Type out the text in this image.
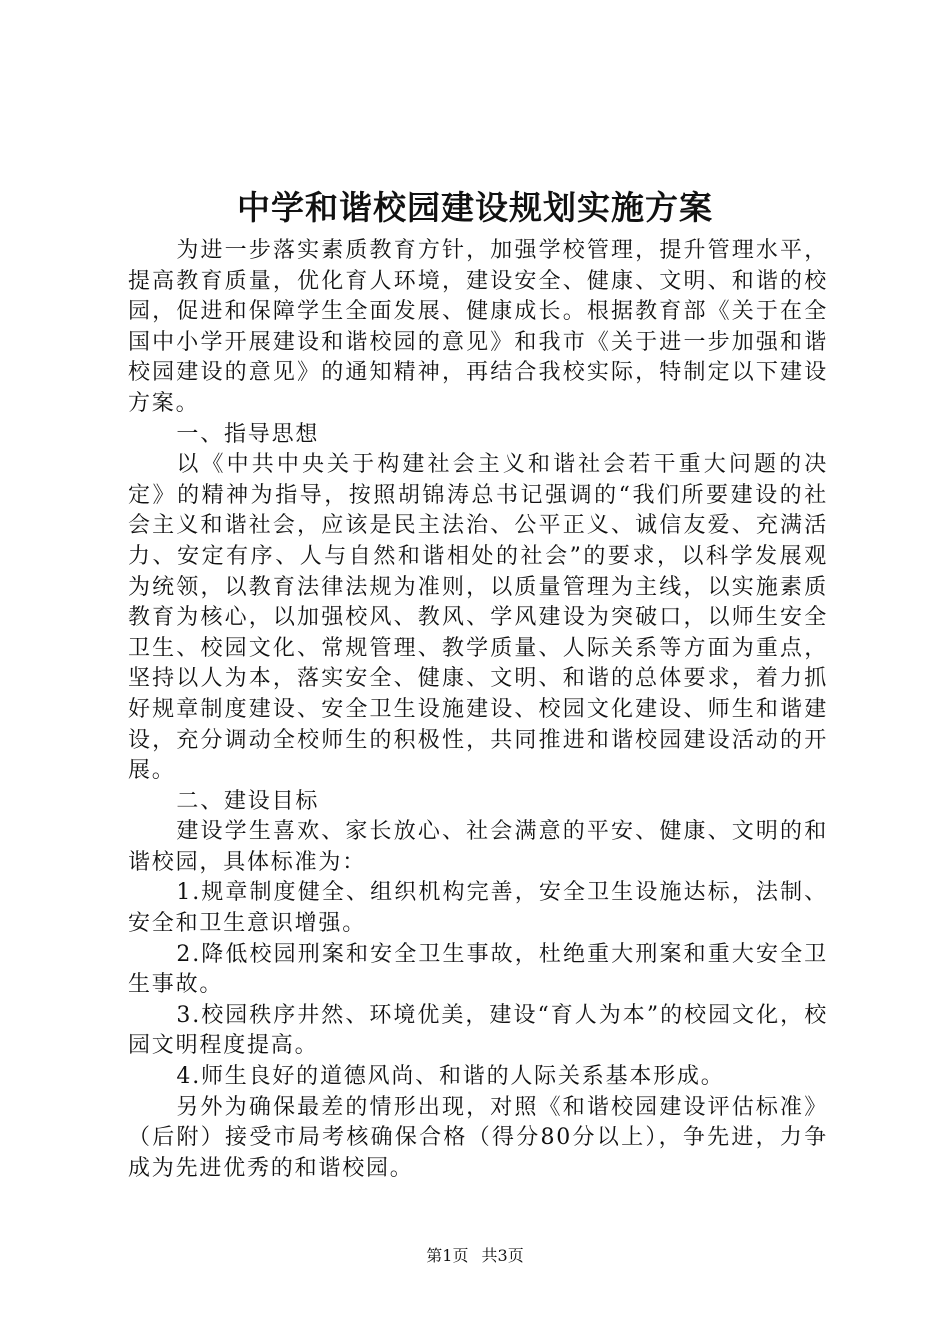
中学和谐校园建设规划实施方案

为进一步落实素质教育方针，加强学校管理，提升管理水平，提高教育质量，优化育人环境，建设安全、健康、文明、和谐的校园，促进和保障学生全面发展、健康成长。根据教育部《关于在全国中小学开展建设和谐校园的意见》和我市《关于进一步加强和谐校园建设的意见》的通知精神，再结合我校实际，特制定以下建设方案。

一、指导思想

以《中共中央关于构建社会主义和谐社会若干重大问题的决定》的精神为指导，按照胡锦涛总书记强调的“我们所要建设的社会主义和谐社会，应该是民主法治、公平正义、诚信友爱、充满活力、安定有序、人与自然和谐相处的社会”的要求，以科学发展观为统领，以教育法律法规为准则，以质量管理为主线，以实施素质教育为核心，以加强校风、教风、学风建设为突破口，以师生安全卫生、校园文化、常规管理、教学质量、人际关系等方面为重点，坚持以人为本，落实安全、健康、文明、和谐的总体要求，着力抓好规章制度建设、安全卫生设施建设、校园文化建设、师生和谐建设，充分调动全校师生的积极性，共同推进和谐校园建设活动的开展。

二、建设目标

建设学生喜欢、家长放心、社会满意的平安、健康、文明的和谐校园，具体标准为：

1.规章制度健全、组织机构完善，安全卫生设施达标，法制、安全和卫生意识增强。

2.降低校园刑案和安全卫生事故，杜绝重大刑案和重大安全卫生事故。

3.校园秩序井然、环境优美，建设“育人为本”的校园文化，校园文明程度提高。

4.师生良好的道德风尚、和谐的人际关系基本形成。

另外为确保最差的情形出现，对照《和谐校园建设评估标准》（后附）接受市局考核确保合格（得分80分以上），争先进，力争成为先进优秀的和谐校园。

第1页 共3页
